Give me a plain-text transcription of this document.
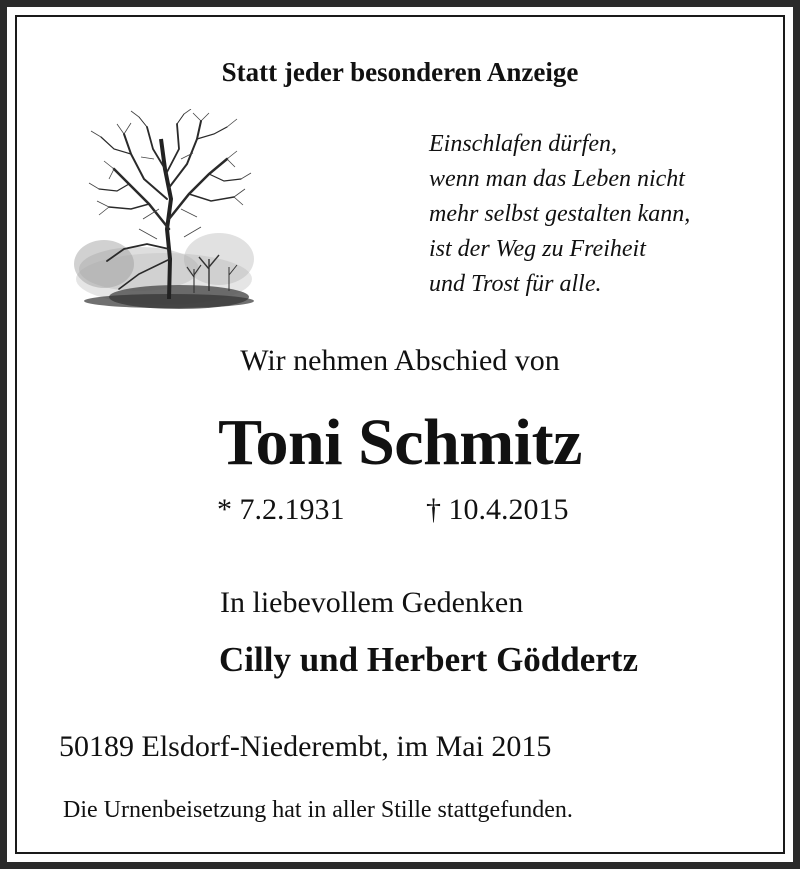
Statt jeder besonderen Anzeige
Einschlafen dürfen,
wenn man das Leben nicht
mehr selbst gestalten kann,
ist der Weg zu Freiheit
und Trost für alle.
Wir nehmen Abschied von
Toni Schmitz
* 7.2.1931	† 10.4.2015
In liebevollem Gedenken
Cilly und Herbert Göddertz
50189 Elsdorf-Niederembt, im Mai 2015
Die Urnenbeisetzung hat in aller Stille stattgefunden.
